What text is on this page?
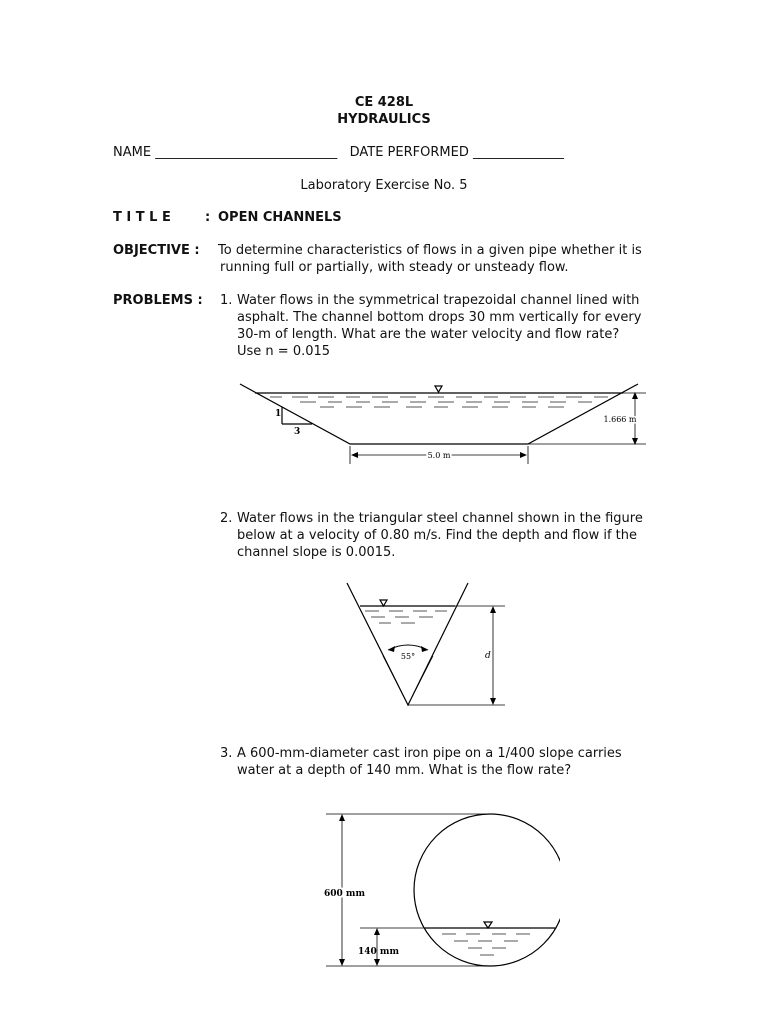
CE 428L
HYDRAULICS
NAME ____________________________ DATE PERFORMED ______________
Laboratory Exercise No. 5
T I T L E	: OPEN CHANNELS
OBJECTIVE : To determine characteristics of flows in a given pipe whether it is
running full or partially, with steady or unsteady flow.
PROBLEMS : 1. Water flows in the symmetrical trapezoidal channel lined with
asphalt. The channel bottom drops 30 mm vertically for every
30-m of length. What are the water velocity and flow rate?
Use n = 0.015
1
3
1.666 m
5.0 m
2. Water flows in the triangular steel channel shown in the figure
below at a velocity of 0.80 m/s. Find the depth and flow if the
channel slope is 0.0015.
55°	d
3. A 600-mm-diameter cast iron pipe on a 1/400 slope carries
water at a depth of 140 mm. What is the flow rate?
600 mm
140 mm
